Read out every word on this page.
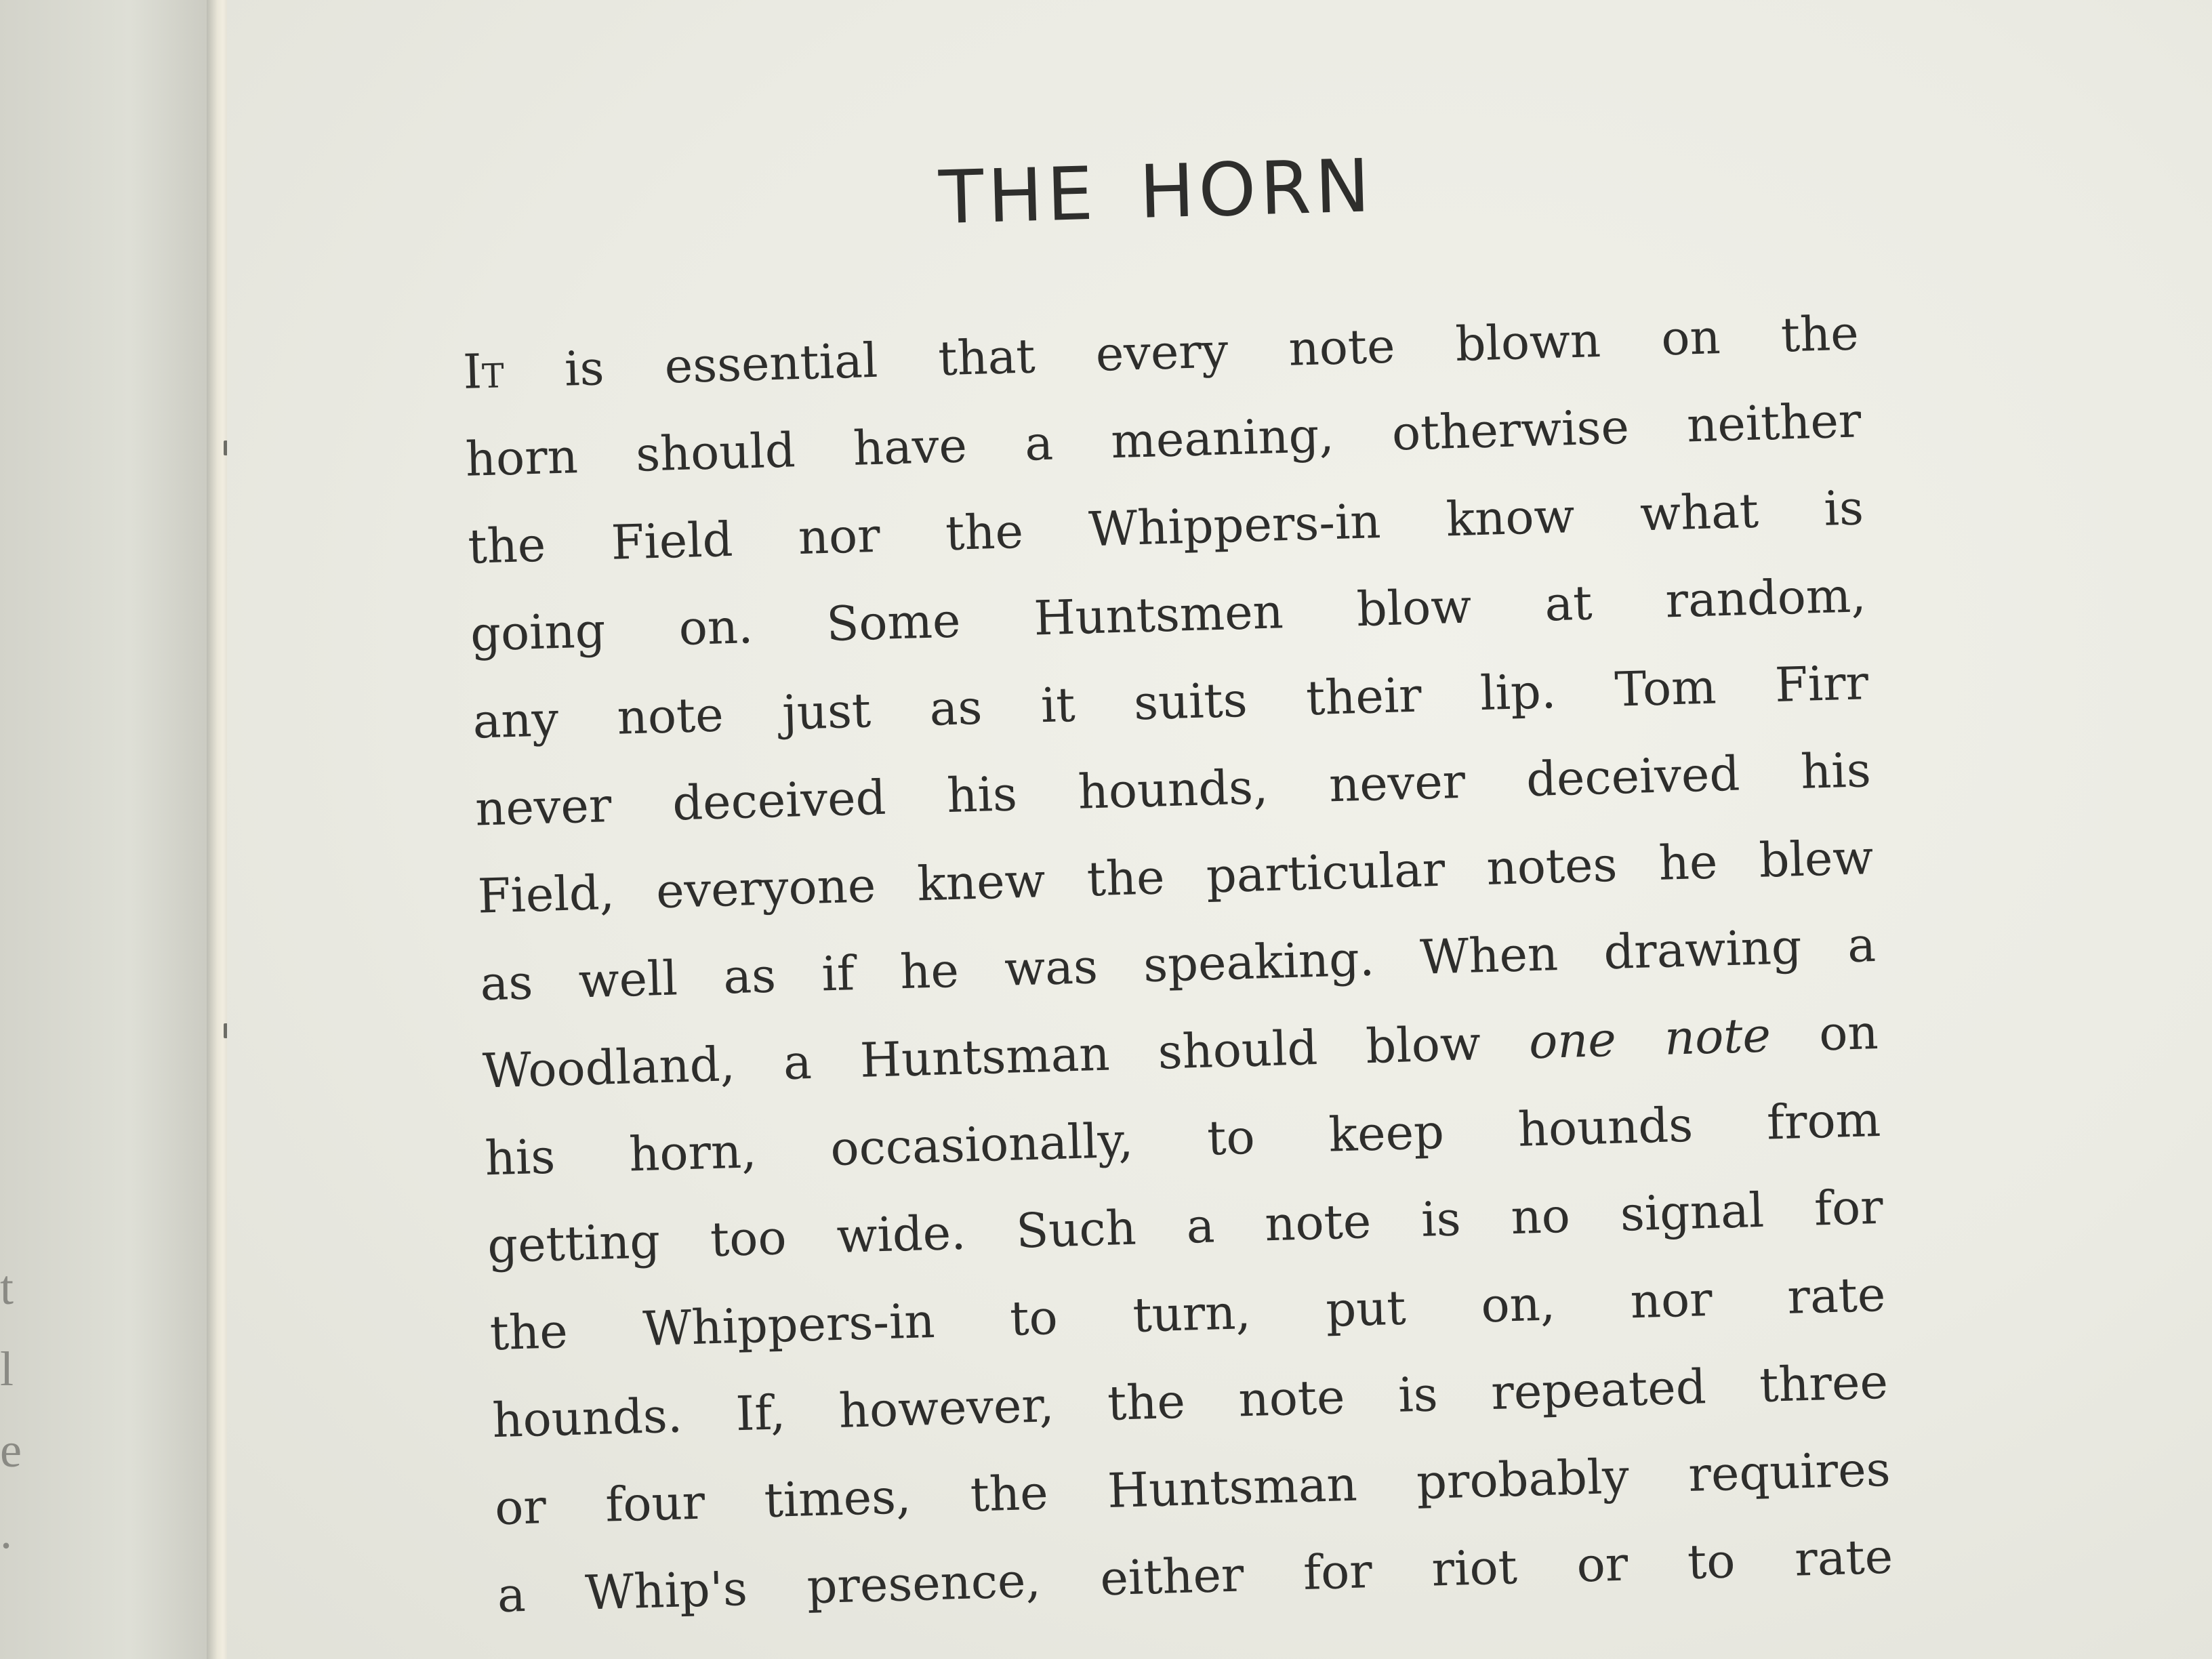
t
l
e
.
THE HORN
It is essential that every note blown on the
horn should have a meaning, otherwise neither
the Field nor the Whippers-in know what is
going on. Some Huntsmen blow at random,
any note just as it suits their lip. Tom Firr
never deceived his hounds, never deceived his
Field, everyone knew the particular notes he blew
as well as if he was speaking. When drawing a
Woodland, a Huntsman should blow one note on
his horn, occasionally, to keep hounds from
getting too wide. Such a note is no signal for
the Whippers-in to turn, put on, nor rate
hounds. If, however, the note is repeated three
or four times, the Huntsman probably requires
a Whip's presence, either for riot or to rate
